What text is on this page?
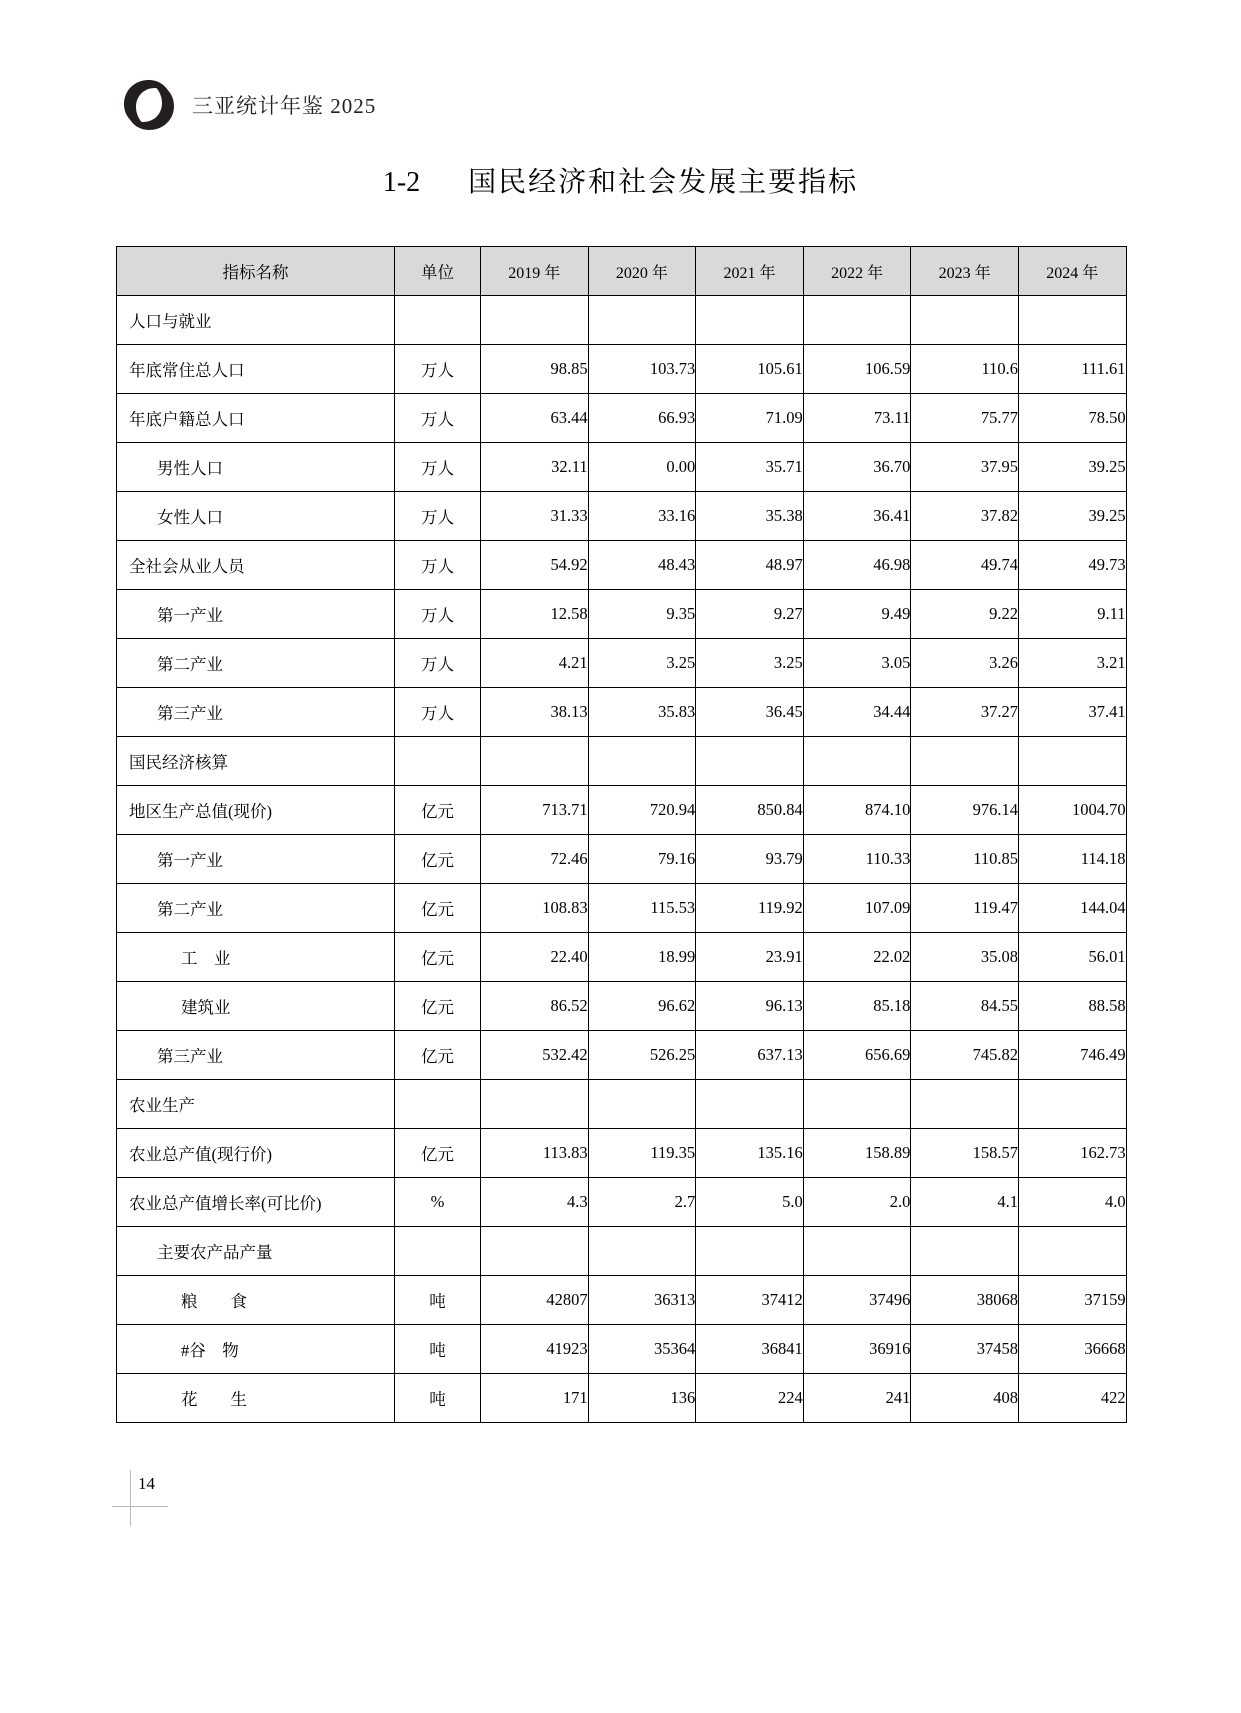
三亚统计年鉴 2025
1-2 国民经济和社会发展主要指标
指标名称	单位	2019 年	2020 年	2021 年	2022 年	2023 年	2024 年
人口与就业							
年底常住总人口	万人	98.85	103.73	105.61	106.59	110.6	111.61
年底户籍总人口	万人	63.44	66.93	71.09	73.11	75.77	78.50
男性人口	万人	32.11	0.00	35.71	36.70	37.95	39.25
女性人口	万人	31.33	33.16	35.38	36.41	37.82	39.25
全社会从业人员	万人	54.92	48.43	48.97	46.98	49.74	49.73
第一产业	万人	12.58	9.35	9.27	9.49	9.22	9.11
第二产业	万人	4.21	3.25	3.25	3.05	3.26	3.21
第三产业	万人	38.13	35.83	36.45	34.44	37.27	37.41
国民经济核算							
地区生产总值(现价)	亿元	713.71	720.94	850.84	874.10	976.14	1004.70
第一产业	亿元	72.46	79.16	93.79	110.33	110.85	114.18
第二产业	亿元	108.83	115.53	119.92	107.09	119.47	144.04
工　业	亿元	22.40	18.99	23.91	22.02	35.08	56.01
建筑业	亿元	86.52	96.62	96.13	85.18	84.55	88.58
第三产业	亿元	532.42	526.25	637.13	656.69	745.82	746.49
农业生产							
农业总产值(现行价)	亿元	113.83	119.35	135.16	158.89	158.57	162.73
农业总产值增长率(可比价)	%	4.3	2.7	5.0	2.0	4.1	4.0
主要农产品产量							
粮　　食	吨	42807	36313	37412	37496	38068	37159
#谷　物	吨	41923	35364	36841	36916	37458	36668
花　　生	吨	171	136	224	241	408	422
14
